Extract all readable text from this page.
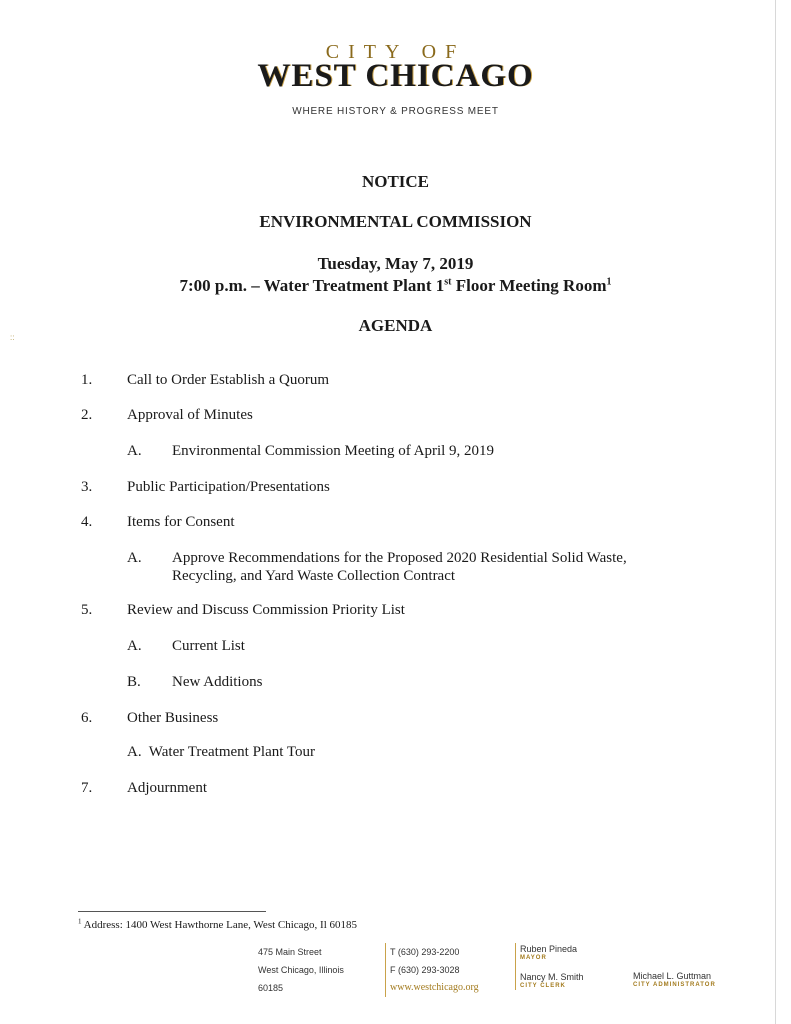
CITY OF
WEST CHICAGO
WHERE HISTORY & PROGRESS MEET
NOTICE
ENVIRONMENTAL COMMISSION
Tuesday, May 7, 2019
7:00 p.m. – Water Treatment Plant 1st Floor Meeting Room$^1$
AGENDA
::
1. Call to Order Establish a Quorum
2. Approval of Minutes
A. Environmental Commission Meeting of April 9, 2019
3. Public Participation/Presentations
4. Items for Consent
A. Approve Recommendations for the Proposed 2020 Residential Solid Waste,
Recycling, and Yard Waste Collection Contract
5. Review and Discuss Commission Priority List
A. Current List
B. New Additions
6. Other Business
A.  Water Treatment Plant Tour
7. Adjournment
$^1$ Address: 1400 West Hawthorne Lane, West Chicago, Il 60185
475 Main Street
West Chicago, Illinois
60185
T (630) 293-2200
F (630) 293-3028
www.westchicago.org
Ruben Pineda
MAYOR
Nancy M. Smith
CITY CLERK
Michael L. Guttman
CITY ADMINISTRATOR
